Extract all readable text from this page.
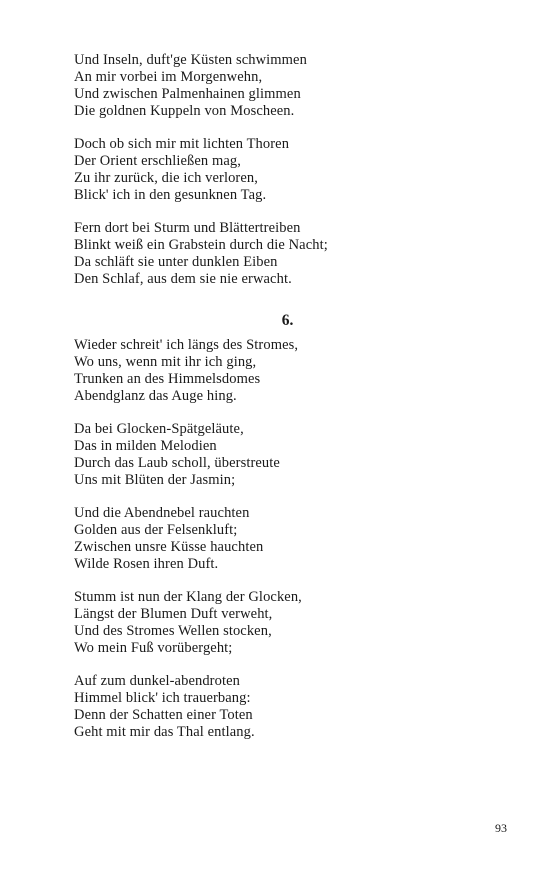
Und Inseln, duft'ge Küsten schwimmen
An mir vorbei im Morgenwehn,
Und zwischen Palmenhainen glimmen
Die goldnen Kuppeln von Moscheen.
Doch ob sich mir mit lichten Thoren
Der Orient erschließen mag,
Zu ihr zurück, die ich verloren,
Blick' ich in den gesunknen Tag.
Fern dort bei Sturm und Blättertreiben
Blinkt weiß ein Grabstein durch die Nacht;
Da schläft sie unter dunklen Eiben
Den Schlaf, aus dem sie nie erwacht.
6.
Wieder schreit' ich längs des Stromes,
Wo uns, wenn mit ihr ich ging,
Trunken an des Himmelsdomes
Abendglanz das Auge hing.
Da bei Glocken-Spätgeläute,
Das in milden Melodien
Durch das Laub scholl, überstreute
Uns mit Blüten der Jasmin;
Und die Abendnebel rauchten
Golden aus der Felsenkluft;
Zwischen unsre Küsse hauchten
Wilde Rosen ihren Duft.
Stumm ist nun der Klang der Glocken,
Längst der Blumen Duft verweht,
Und des Stromes Wellen stocken,
Wo mein Fuß vorübergeht;
Auf zum dunkel-abendroten
Himmel blick' ich trauerbang:
Denn der Schatten einer Toten
Geht mit mir das Thal entlang.
93
